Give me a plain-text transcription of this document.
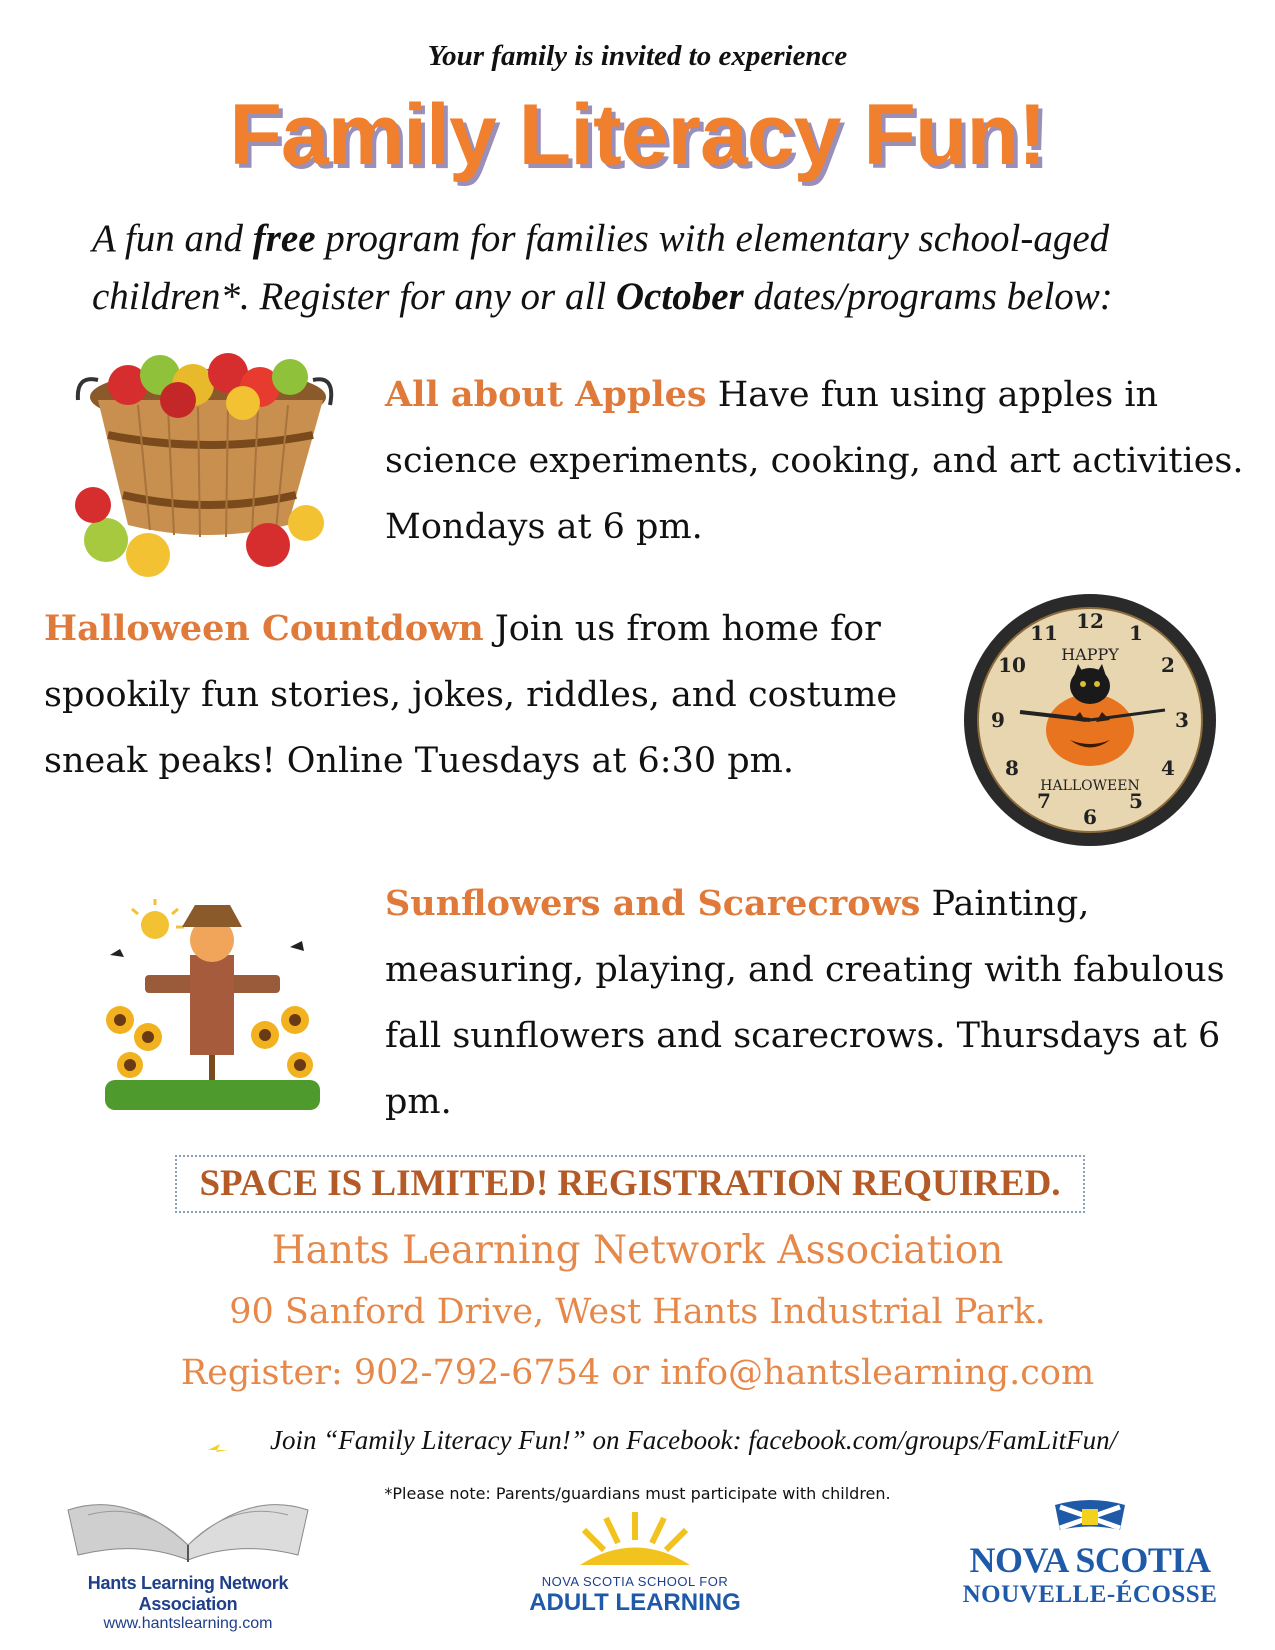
Your family is invited to experience
Family Literacy Fun!
A fun and free program for families with elementary school-aged children*. Register for any or all October dates/programs below:
All about Apples Have fun using apples in science experiments, cooking, and art activities. Mondays at 6 pm.
Halloween Countdown Join us from home for spookily fun stories, jokes, riddles, and costume sneak peaks! Online Tuesdays at 6:30 pm.
12 1
2
3
4
5
6
7
8
9
10
11
HAPPY
HALLOWEEN
Sunflowers and Scarecrows Painting, measuring, playing, and creating with fabulous fall sunflowers and scarecrows. Thursdays at 6 pm.
SPACE IS LIMITED! REGISTRATION REQUIRED.
Hants Learning Network Association
90 Sanford Drive, West Hants Industrial Park.
Register: 902-792-6754 or info@hantslearning.com
Join “Family Literacy Fun!” on Facebook: facebook.com/groups/FamLitFun/
*Please note: Parents/guardians must participate with children.
Hants Learning Network Association
www.hantslearning.com
NOVA SCOTIA SCHOOL FOR
ADULT LEARNING
NOVA SCOTIA
NOUVELLE-ÉCOSSE
